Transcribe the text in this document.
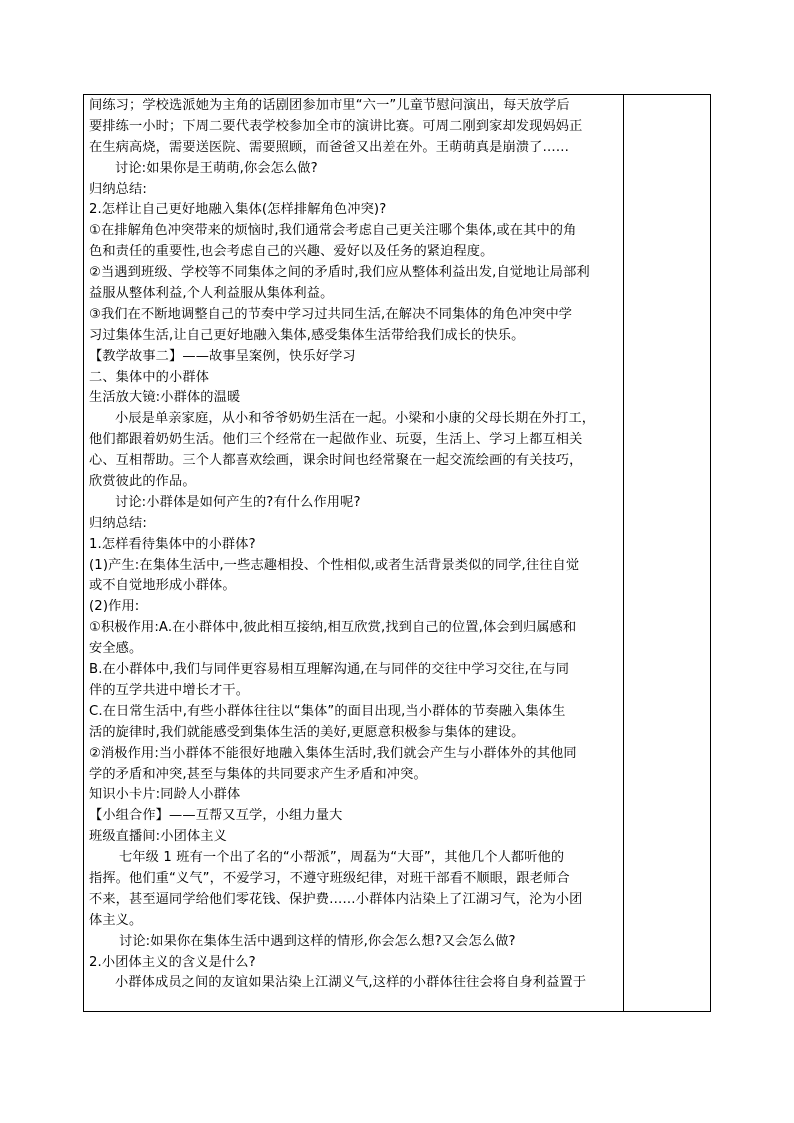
间练习；学校选派她为主角的话剧团参加市里“六一”儿童节慰问演出，每天放学后
要排练一小时；下周二要代表学校参加全市的演讲比赛。可周二刚到家却发现妈妈正
在生病高烧，需要送医院、需要照顾，而爸爸又出差在外。王萌萌真是崩溃了……
讨论:如果你是王萌萌,你会怎么做?
归纳总结:
2.怎样让自己更好地融入集体(怎样排解角色冲突)?
①在排解角色冲突带来的烦恼时,我们通常会考虑自己更关注哪个集体,或在其中的角
色和责任的重要性,也会考虑自己的兴趣、爱好以及任务的紧迫程度。
②当遇到班级、学校等不同集体之间的矛盾时,我们应从整体利益出发,自觉地让局部利
益服从整体利益,个人利益服从集体利益。
③我们在不断地调整自己的节奏中学习过共同生活,在解决不同集体的角色冲突中学
习过集体生活,让自己更好地融入集体,感受集体生活带给我们成长的快乐。
【教学故事二】——故事呈案例，快乐好学习
二、集体中的小群体
生活放大镜:小群体的温暖
小辰是单亲家庭，从小和爷爷奶奶生活在一起。小梁和小康的父母长期在外打工，
他们都跟着奶奶生活。他们三个经常在一起做作业、玩耍，生活上、学习上都互相关
心、互相帮助。三个人都喜欢绘画，课余时间也经常聚在一起交流绘画的有关技巧，
欣赏彼此的作品。
讨论:小群体是如何产生的?有什么作用呢?
归纳总结:
1.怎样看待集体中的小群体?
(1)产生:在集体生活中,一些志趣相投、个性相似,或者生活背景类似的同学,往往自觉
或不自觉地形成小群体。
(2)作用:
①积极作用:A.在小群体中,彼此相互接纳,相互欣赏,找到自己的位置,体会到归属感和
安全感。
B.在小群体中,我们与同伴更容易相互理解沟通,在与同伴的交往中学习交往,在与同
伴的互学共进中增长才干。
C.在日常生活中,有些小群体往往以“集体”的面目出现,当小群体的节奏融入集体生
活的旋律时,我们就能感受到集体生活的美好,更愿意积极参与集体的建设。
②消极作用:当小群体不能很好地融入集体生活时,我们就会产生与小群体外的其他同
学的矛盾和冲突,甚至与集体的共同要求产生矛盾和冲突。
知识小卡片:同龄人小群体
【小组合作】——互帮又互学，小组力量大
班级直播间:小团体主义
七年级 1 班有一个出了名的“小帮派”，周磊为“大哥”，其他几个人都听他的
指挥。他们重“义气”，不爱学习，不遵守班级纪律，对班干部看不顺眼，跟老师合
不来，甚至逼同学给他们零花钱、保护费……小群体内沾染上了江湖习气，沦为小团
体主义。
讨论:如果你在集体生活中遇到这样的情形,你会怎么想?又会怎么做?
2.小团体主义的含义是什么?
小群体成员之间的友谊如果沾染上江湖义气,这样的小群体往往会将自身利益置于
